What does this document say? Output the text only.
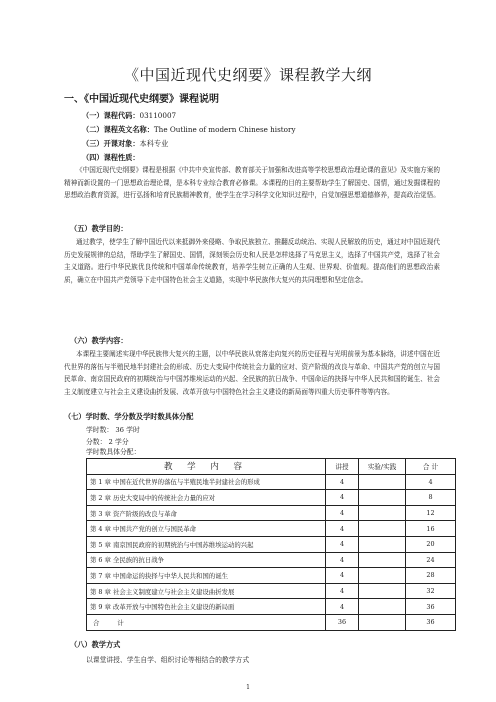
《中国近现代史纲要》课程教学大纲
一、《中国近现代史纲要》课程说明
（一）课程代码：03110007
（二）课程英文名称：The Outline of modern Chinese history
（三）开课对象：本科专业
（四）课程性质：
《中国近现代史纲要》课程是根据《中共中央宣传部、教育部关于加强和改进高等学校思想政治理论课的意见》及实施方案的精神而新设置的一门思想政治理论课，是本科专业综合教育必修课。本课程的目的主要帮助学生了解国史、国情，通过发掘课程的思想政治教育资源，进行弘扬和培育民族精神教育，使学生在学习科学文化知识过程中，自觉加强思想道德修养，提高政治觉悟。
（五）教学目的：
通过教学，使学生了解中国近代以来抵御外来侵略、争取民族独立、推翻反动统治、实现人民解放的历史，通过对中国近现代历史发展规律的总结，帮助学生了解国史、国情，深刻领会历史和人民是怎样选择了马克思主义，选择了中国共产党，选择了社会主义道路。进行中华民族优良传统和中国革命传统教育，培养学生树立正确的人生观、世界观、价值观。提高他们的思想政治素质，确立在中国共产党领导下走中国特色社会主义道路，实现中华民族伟大复兴的共同理想和坚定信念。
（六）教学内容：
本课程主要阐述实现中华民族伟大复兴的主题，以中华民族从衰落走向复兴的历史征程与光明前景为基本脉络，讲述中国在近代世界的落伍与半殖民地半封建社会的形成、历史大变局中传统社会力量的应对、资产阶级的改良与革命、中国共产党的创立与国民革命、南京国民政府的初期统治与中国苏维埃运动的兴起、全民族的抗日战争、中国命运的抉择与中华人民共和国的诞生、社会主义制度建立与社会主义建设曲折发展、改革开放与中国特色社会主义建设的新局面等四重大历史事件等等内容。
（七）学时数、学分数及学时数具体分配
学时数： 36 学时
分数： 2 学分
教 学 内 容	讲授	实验/实践	合 计
第 1 章 中国在近代世界的落伍与半殖民地半封建社会的形成	4		4
第 2 章 历史大变局中的传统社会力量的应对	4		8
第 3 章 资产阶级的改良与革命	4		12
第 4 章 中国共产党的创立与国民革命	4		16
第 5 章 南京国民政府的初期统治与中国苏维埃运动的兴起	4		20
第 6 章 全民族的抗日战争	4		24
第 7 章 中国命运的抉择与中华人民共和国的诞生	4		28
第 8 章 社会主义制度建立与社会主义建设曲折发展	4		32
第 9 章 改革开放与中国特色社会主义建设的新局面	4		36
合计	36		36
（八）教学方式
以课堂讲授、学生自学、组织讨论等相结合的教学方式
1
学时数具体分配：
